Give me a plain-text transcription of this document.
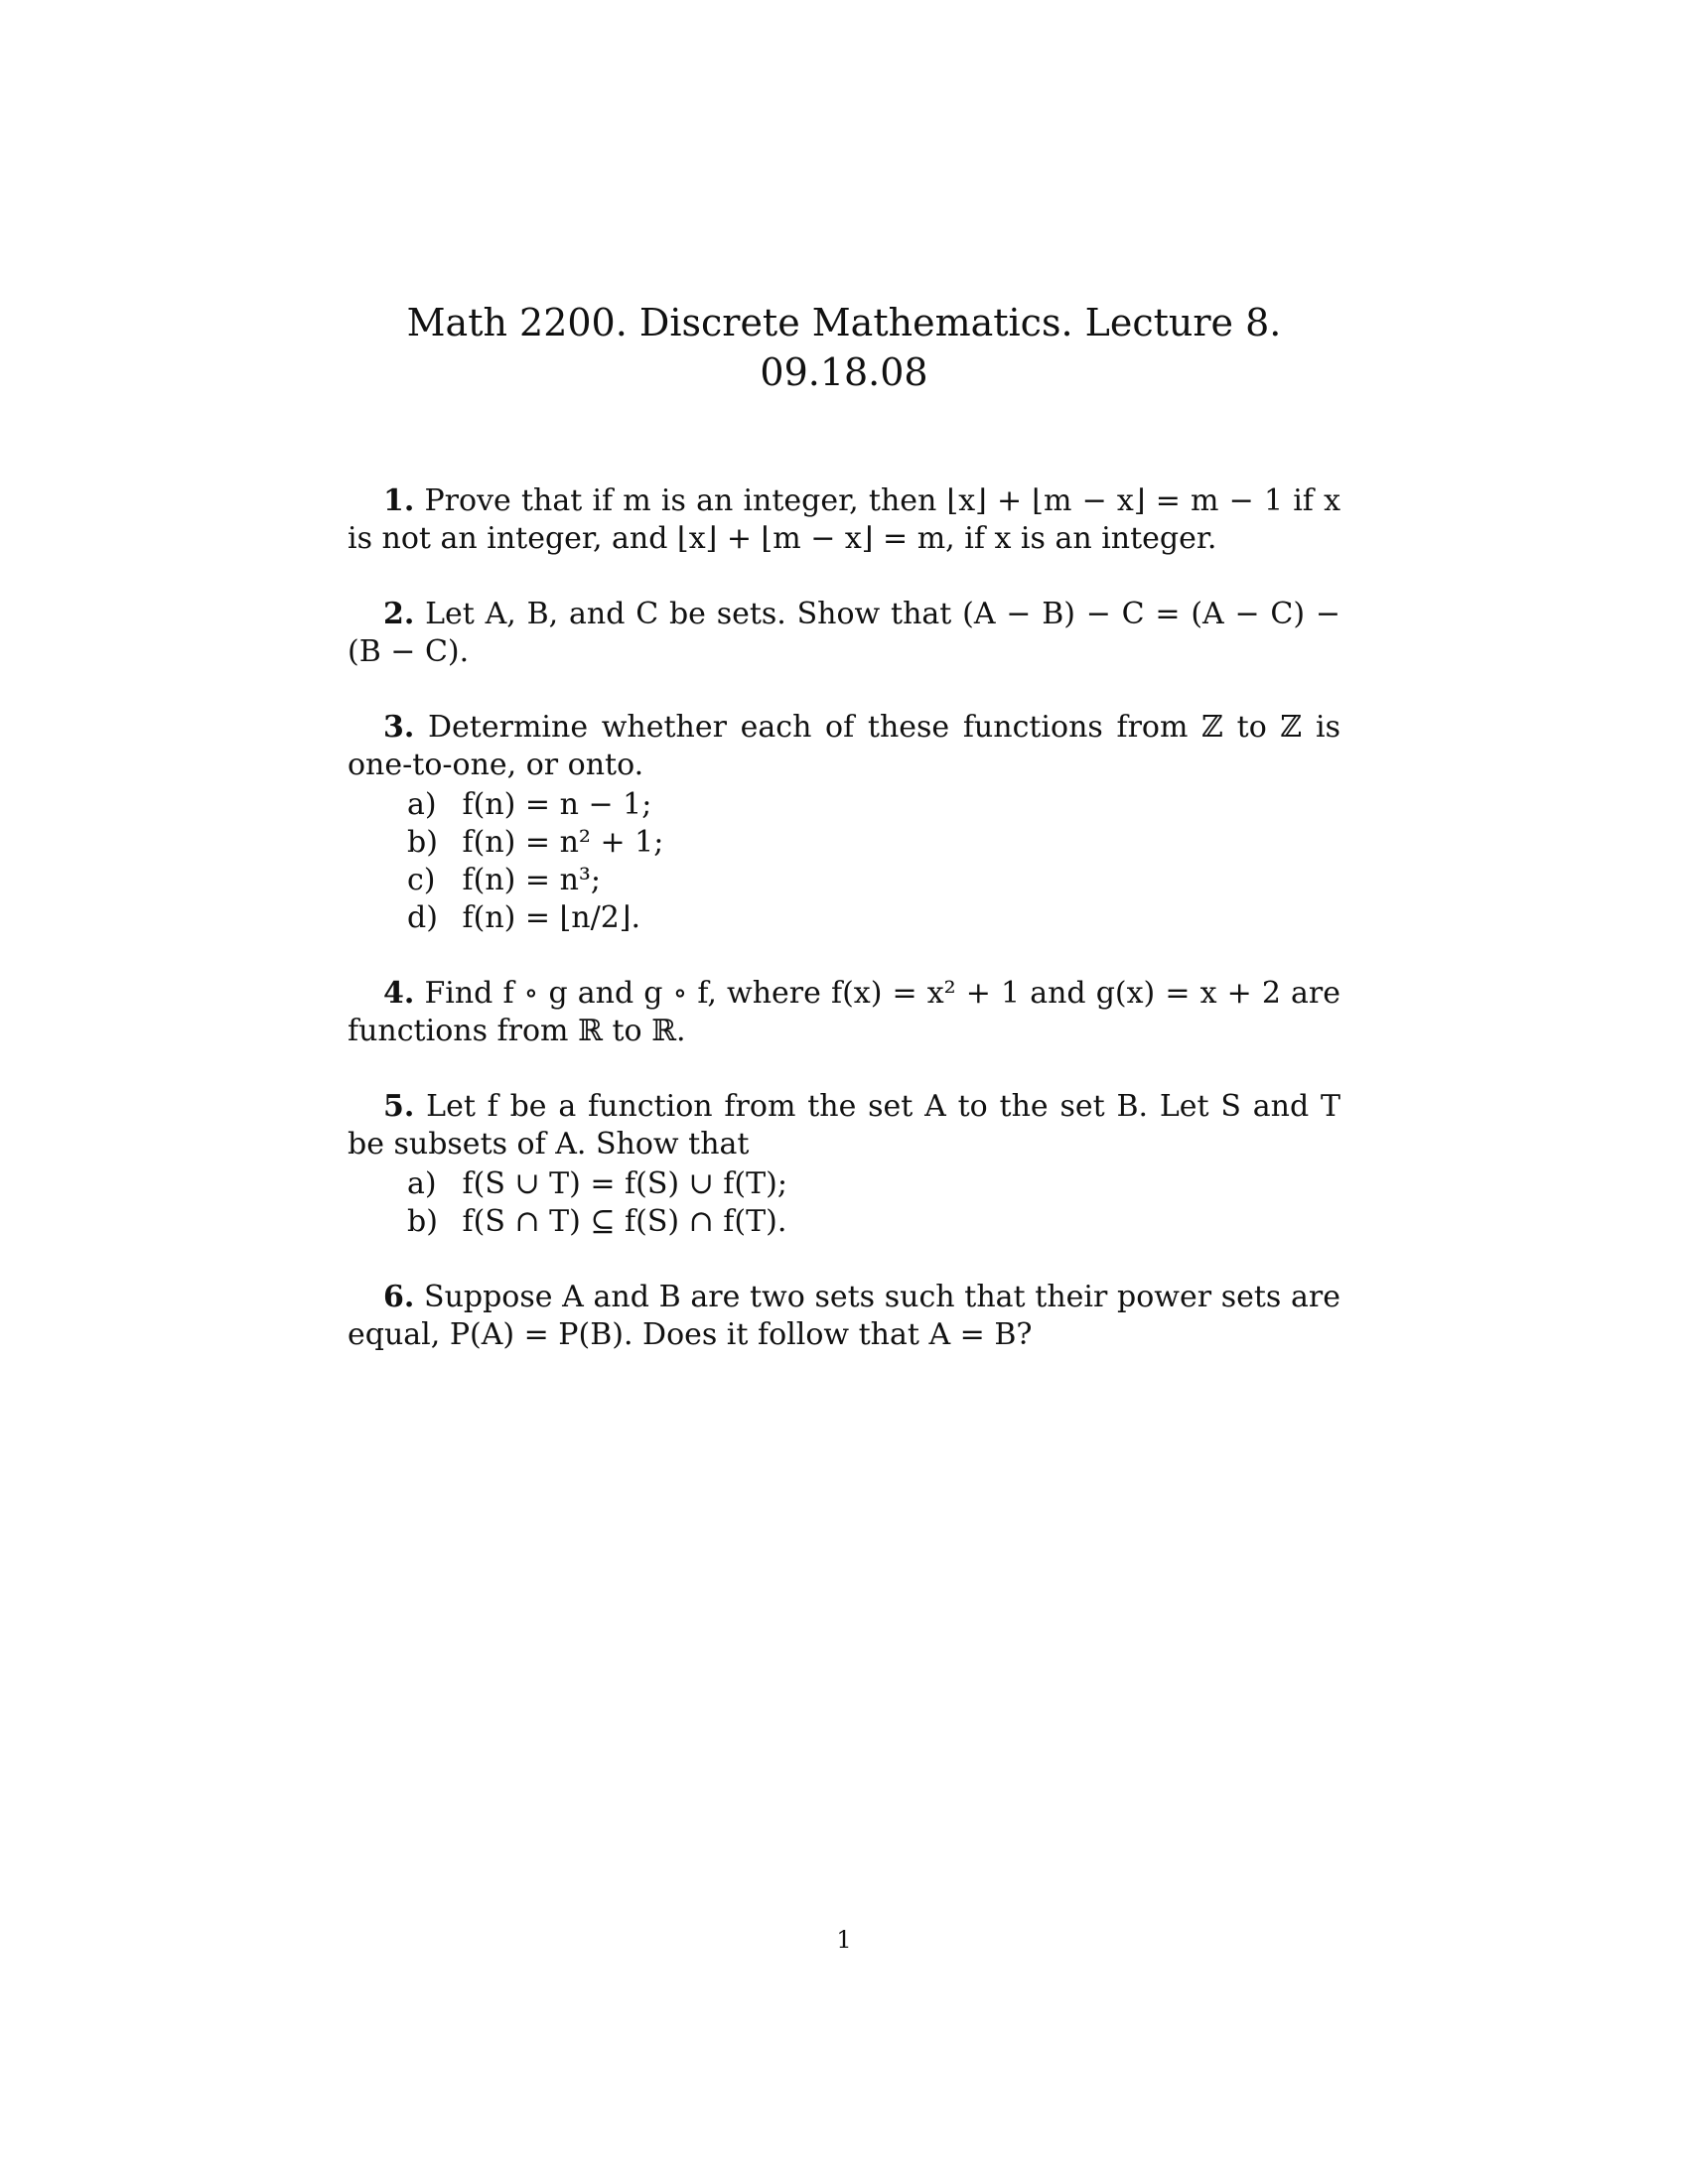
Math 2200. Discrete Mathematics. Lecture 8.
09.18.08
1. Prove that if m is an integer, then ⌊x⌋ + ⌊m − x⌋ = m − 1 if x is not an integer, and ⌊x⌋ + ⌊m − x⌋ = m, if x is an integer.
2. Let A, B, and C be sets. Show that (A − B) − C = (A − C) − (B − C).
3. Determine whether each of these functions from ℤ to ℤ is one-to-one, or onto.
a) f(n) = n − 1;
b) f(n) = n² + 1;
c) f(n) = n³;
d) f(n) = ⌊n/2⌋.
4. Find f ∘ g and g ∘ f, where f(x) = x² + 1 and g(x) = x + 2 are functions from ℝ to ℝ.
5. Let f be a function from the set A to the set B. Let S and T be subsets of A. Show that
a) f(S ∪ T) = f(S) ∪ f(T);
b) f(S ∩ T) ⊆ f(S) ∩ f(T).
6. Suppose A and B are two sets such that their power sets are equal, P(A) = P(B). Does it follow that A = B?
1
